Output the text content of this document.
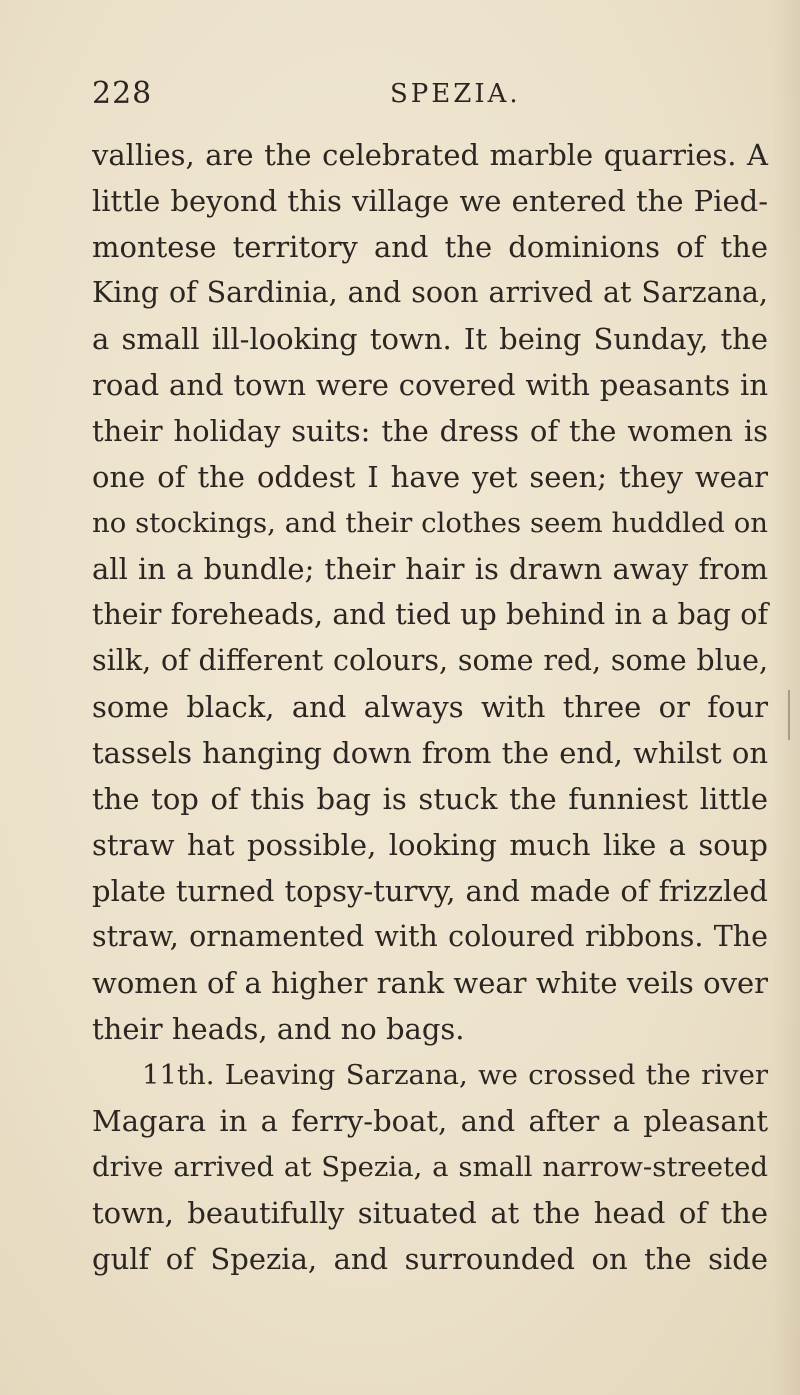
228	SPEZIA.
vallies, are the celebrated marble quarries. A
little beyond this village we entered the Pied-
montese territory and the dominions of the
King of Sardinia, and soon arrived at Sarzana,
a small ill-looking town. It being Sunday, the
road and town were covered with peasants in
their holiday suits: the dress of the women is
one of the oddest I have yet seen; they wear
no stockings, and their clothes seem huddled on
all in a bundle; their hair is drawn away from
their foreheads, and tied up behind in a bag of
silk, of different colours, some red, some blue,
some black, and always with three or four
tassels hanging down from the end, whilst on
the top of this bag is stuck the funniest little
straw hat possible, looking much like a soup
plate turned topsy-turvy, and made of frizzled
straw, ornamented with coloured ribbons. The
women of a higher rank wear white veils over
their heads, and no bags.
11th. Leaving Sarzana, we crossed the river
Magara in a ferry-boat, and after a pleasant
drive arrived at Spezia, a small narrow-streeted
town, beautifully situated at the head of the
gulf of Spezia, and surrounded on the side
